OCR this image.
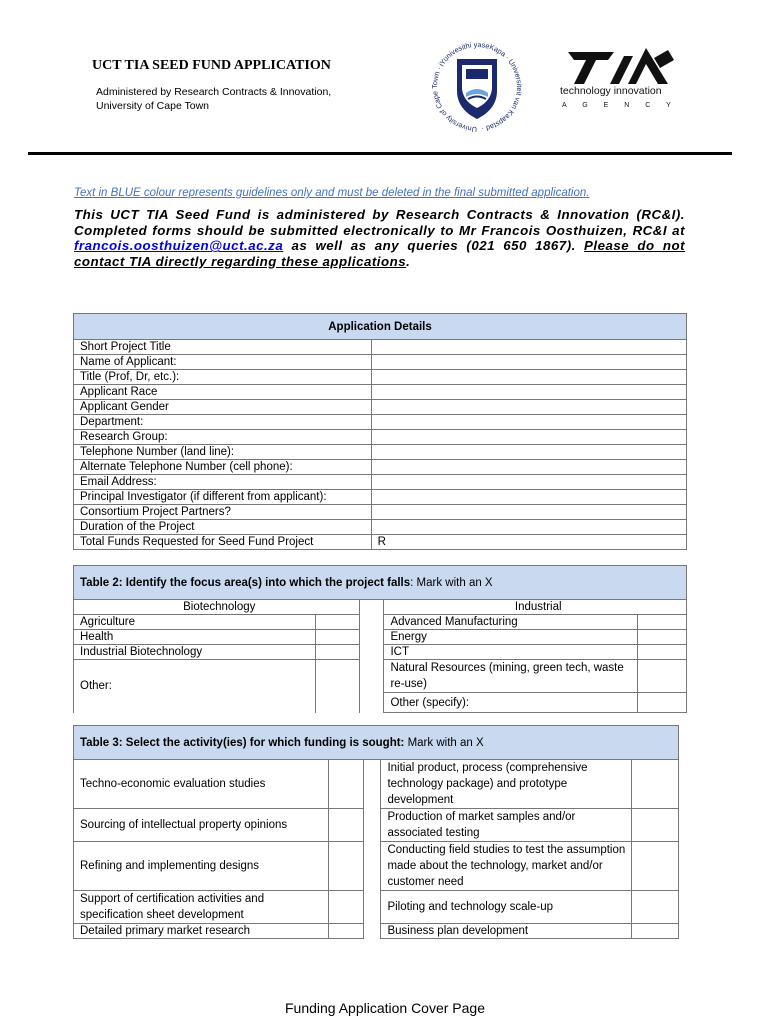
UCT TIA SEED FUND APPLICATION
Administered by Research Contracts & Innovation,
University of Cape Town
University of Cape Town · iYunivesithi yaseKapa · Universiteit van Kaapstad ·
technology innovation
A G E N C Y
Text in BLUE colour represents guidelines only and must be deleted in the final submitted application.
This UCT TIA Seed Fund is administered by Research Contracts & Innovation (RC&I). Completed forms should be submitted electronically to Mr Francois Oosthuizen, RC&I at francois.oosthuizen@uct.ac.za as well as any queries (021 650 1867). Please do not contact TIA directly regarding these applications.
Application Details	
Short Project Title	
Name of Applicant:	
Title (Prof, Dr, etc.):	
Applicant Race	
Applicant Gender	
Department:	
Research Group:	
Telephone Number (land line):	
Alternate Telephone Number (cell phone):	
Email Address:	
Principal Investigator (if different from applicant):	
Consortium Project Partners?	
Duration of the Project	
Total Funds Requested for Seed Fund Project	R
Table 2: Identify the focus area(s) into which the project falls: Mark with an X				
Biotechnology			Industrial	
Agriculture			Advanced Manufacturing	
Health			Energy	
Industrial Biotechnology			ICT	
Other:			Natural Resources (mining, green tech, waste re-use)	
			Other (specify):	
Table 3: Select the activity(ies) for which funding is sought: Mark with an X				
Techno-economic evaluation studies			Initial product, process (comprehensive technology package) and prototype development	
Sourcing of intellectual property opinions			Production of market samples and/or associated testing	
Refining and implementing designs			Conducting field studies to test the assumption made about the technology, market and/or customer need	
Support of certification activities and specification sheet development			Piloting and technology scale-up	
Detailed primary market research			Business plan development	
Funding Application Cover Page
